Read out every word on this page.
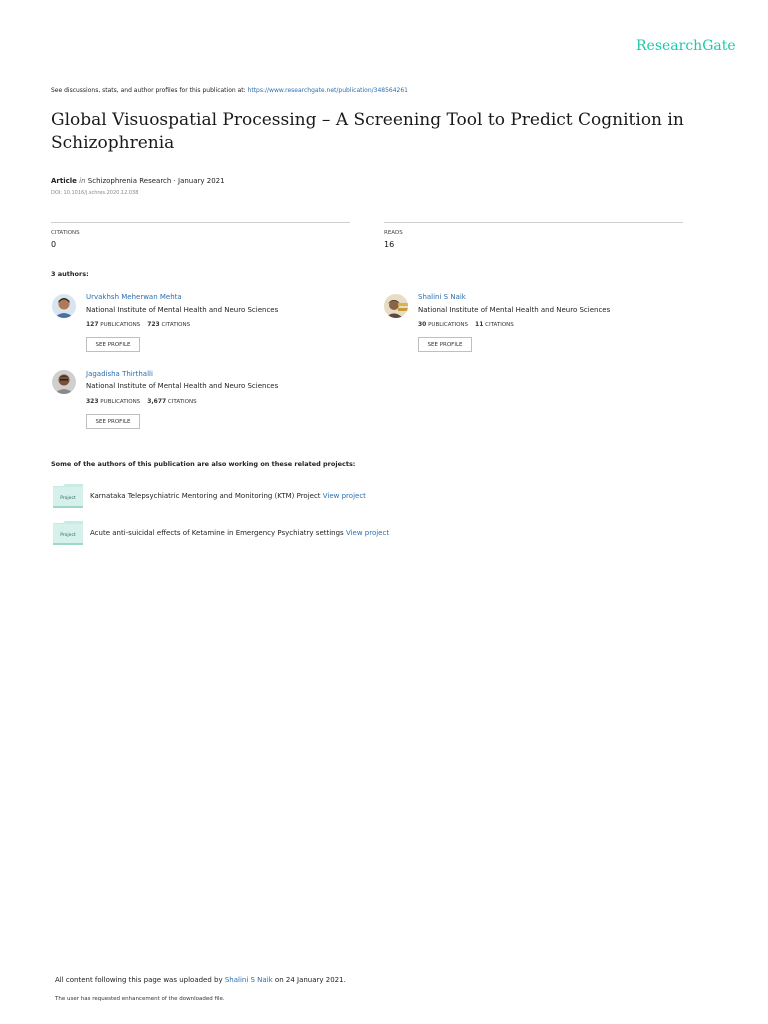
ResearchGate
See discussions, stats, and author profiles for this publication at: https://www.researchgate.net/publication/348564261
Global Visuospatial Processing – A Screening Tool to Predict Cognition in Schizophrenia
Article in Schizophrenia Research · January 2021
DOI: 10.1016/j.schres.2020.12.038
CITATIONS
0
READS
16
3 authors:
Urvakhsh Meherwan Mehta
National Institute of Mental Health and Neuro Sciences
127 PUBLICATIONS 723 CITATIONS
SEE PROFILE
Shalini S Naik
National Institute of Mental Health and Neuro Sciences
30 PUBLICATIONS 11 CITATIONS
SEE PROFILE
Jagadisha Thirthalli
National Institute of Mental Health and Neuro Sciences
323 PUBLICATIONS 3,677 CITATIONS
SEE PROFILE
Some of the authors of this publication are also working on these related projects:
Project Karnataka Telepsychiatric Mentoring and Monitoring (KTM) Project View project
Project Acute anti-suicidal effects of Ketamine in Emergency Psychiatry settings View project
All content following this page was uploaded by Shalini S Naik on 24 January 2021.
The user has requested enhancement of the downloaded file.
